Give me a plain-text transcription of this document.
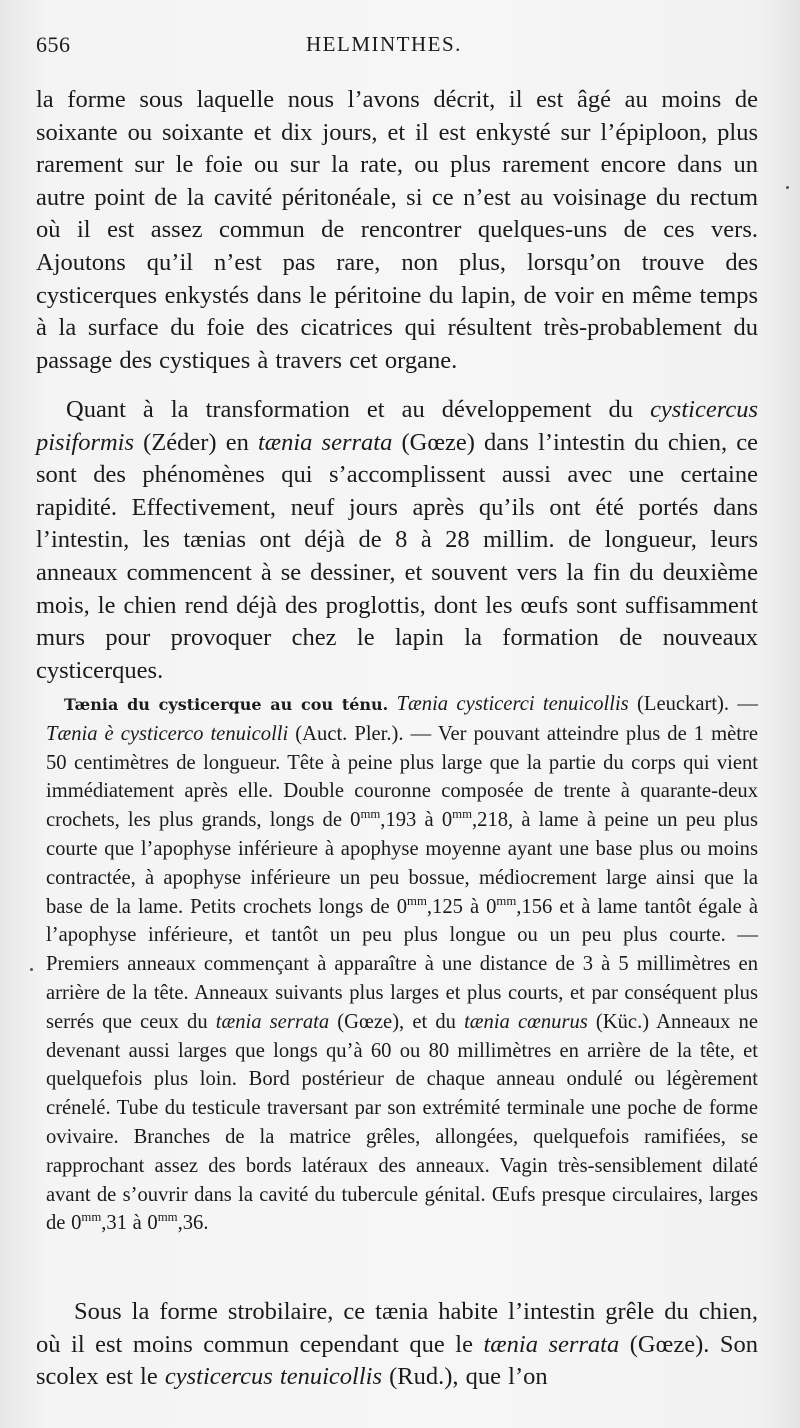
656	HELMINTHES.

la forme sous laquelle nous l’avons décrit, il est âgé au moins de soixante ou soixante et dix jours, et il est enkysté sur l’épiploon, plus rarement sur le foie ou sur la rate, ou plus rarement encore dans un autre point de la cavité péritonéale, si ce n’est au voisinage du rectum où il est assez commun de rencontrer quelques-uns de ces vers. Ajoutons qu’il n’est pas rare, non plus, lorsqu’on trouve des cysticerques enkystés dans le péritoine du lapin, de voir en même temps à la surface du foie des cicatrices qui résultent très-probablement du passage des cystiques à travers cet organe.

Quant à la transformation et au développement du cysticercus pisiformis (Zéder) en tænia serrata (Gœze) dans l’intestin du chien, ce sont des phénomènes qui s’accomplissent aussi avec une certaine rapidité. Effectivement, neuf jours après qu’ils ont été portés dans l’intestin, les tænias ont déjà de 8 à 28 millim. de longueur, leurs anneaux commencent à se dessiner, et souvent vers la fin du deuxième mois, le chien rend déjà des proglottis, dont les œufs sont suffisamment murs pour provoquer chez le lapin la formation de nouveaux cysticerques.

Tænia du cysticerque au cou ténu. Tænia cysticerci tenuicollis (Leuckart). — Tænia è cysticerco tenuicolli (Auct. Pler.). — Ver pouvant atteindre plus de 1 mètre 50 centimètres de longueur. Tête à peine plus large que la partie du corps qui vient immédiatement après elle. Double couronne composée de trente à quarante-deux crochets, les plus grands, longs de $0^{mm},193$ à $0^{mm},218$, à lame à peine un peu plus courte que l’apophyse inférieure à apophyse moyenne ayant une base plus ou moins contractée, à apophyse inférieure un peu bossue, médiocrement large ainsi que la base de la lame. Petits crochets longs de $0^{mm},125$ à $0^{mm},156$ et à lame tantôt égale à l’apophyse inférieure, et tantôt un peu plus longue ou un peu plus courte. — Premiers anneaux commençant à apparaître à une distance de 3 à 5 millimètres en arrière de la tête. Anneaux suivants plus larges et plus courts, et par conséquent plus serrés que ceux du tænia serrata (Gœze), et du tænia cœnurus (Küc.) Anneaux ne devenant aussi larges que longs qu’à 60 ou 80 millimètres en arrière de la tête, et quelquefois plus loin. Bord postérieur de chaque anneau ondulé ou légèrement crénelé. Tube du testicule traversant par son extrémité terminale une poche de forme ovivaire. Branches de la matrice grêles, allongées, quelquefois ramifiées, se rapprochant assez des bords latéraux des anneaux. Vagin très-sensiblement dilaté avant de s’ouvrir dans la cavité du tubercule génital. Œufs presque circulaires, larges de $0^{mm},31$ à $0^{mm},36$.

Sous la forme strobilaire, ce tænia habite l’intestin grêle du chien, où il est moins commun cependant que le tænia serrata (Gœze). Son scolex est le cysticercus tenuicollis (Rud.), que l’on
